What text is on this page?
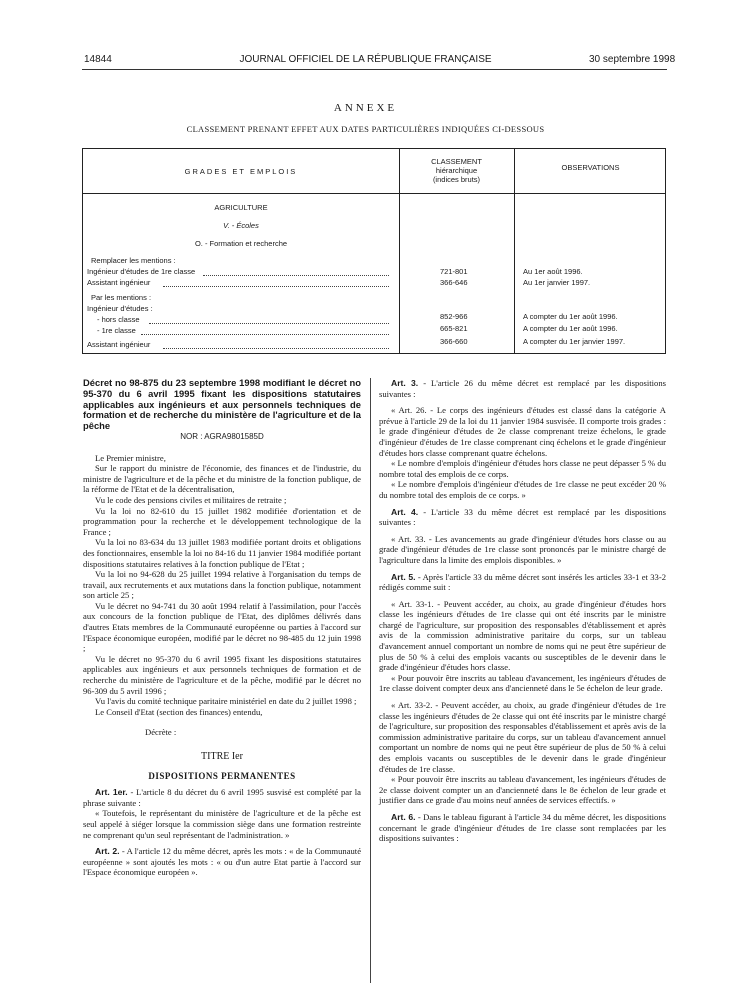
14844	JOURNAL OFFICIEL DE LA RÉPUBLIQUE FRANÇAISE	30 septembre 1998
ANNEXE
CLASSEMENT PRENANT EFFET AUX DATES PARTICULIÈRES INDIQUÉES CI-DESSOUS
GRADES ET EMPLOIS
CLASSEMENT
hiérarchique
(indices bruts)
OBSERVATIONS
AGRICULTURE
V. - Écoles
O. - Formation et recherche
Remplacer les mentions :
Ingénieur d'études de 1re classe	721-801	Au 1er août 1996.
Assistant ingénieur	366-646	Au 1er janvier 1997.
Par les mentions :
Ingénieur d'études :
- hors classe	852-966	A compter du 1er août 1996.
- 1re classe	665-821	A compter du 1er août 1996.
Assistant ingénieur	366-660	A compter du 1er janvier 1997.

Décret no 98-875 du 23 septembre 1998 modifiant le décret no 95-370 du 6 avril 1995 fixant les dispositions statutaires applicables aux ingénieurs et aux personnels techniques de formation et de recherche du ministère de l'agriculture et de la pêche

NOR : AGRA9801585D

Le Premier ministre,

Sur le rapport du ministre de l'économie, des finances et de l'industrie, du ministre de l'agriculture et de la pêche et du ministre de la fonction publique, de la réforme de l'Etat et de la décentralisation,

Vu le code des pensions civiles et militaires de retraite ;

Vu la loi no 82-610 du 15 juillet 1982 modifiée d'orientation et de programmation pour la recherche et le développement technologique de la France ;

Vu la loi no 83-634 du 13 juillet 1983 modifiée portant droits et obligations des fonctionnaires, ensemble la loi no 84-16 du 11 janvier 1984 modifiée portant dispositions statutaires relatives à la fonction publique de l'Etat ;

Vu la loi no 94-628 du 25 juillet 1994 relative à l'organisation du temps de travail, aux recrutements et aux mutations dans la fonction publique, notamment son article 25 ;

Vu le décret no 94-741 du 30 août 1994 relatif à l'assimilation, pour l'accès aux concours de la fonction publique de l'Etat, des diplômes délivrés dans d'autres Etats membres de la Communauté européenne ou parties à l'accord sur l'Espace économique européen, modifié par le décret no 98-485 du 12 juin 1998 ;

Vu le décret no 95-370 du 6 avril 1995 fixant les dispositions statutaires applicables aux ingénieurs et aux personnels techniques de formation et de recherche du ministère de l'agriculture et de la pêche, modifié par le décret no 96-309 du 5 avril 1996 ;

Vu l'avis du comité technique paritaire ministériel en date du 2 juillet 1998 ;

Le Conseil d'Etat (section des finances) entendu,

Décrète :

TITRE Ier

DISPOSITIONS PERMANENTES

Art. 1er. - L'article 8 du décret du 6 avril 1995 susvisé est complété par la phrase suivante :

« Toutefois, le représentant du ministère de l'agriculture et de la pêche est seul appelé à siéger lorsque la commission siège dans une formation restreinte ne comprenant qu'un seul représentant de l'administration. »

Art. 2. - A l'article 12 du même décret, après les mots : « de la Communauté européenne » sont ajoutés les mots : « ou d'un autre Etat partie à l'accord sur l'Espace économique européen ».

Art. 3. - L'article 26 du même décret est remplacé par les dispositions suivantes :

« Art. 26. - Le corps des ingénieurs d'études est classé dans la catégorie A prévue à l'article 29 de la loi du 11 janvier 1984 susvisée. Il comporte trois grades : le grade d'ingénieur d'études de 2e classe comprenant treize échelons, le grade d'ingénieur d'études de 1re classe comprenant cinq échelons et le grade d'ingénieur d'études hors classe comprenant quatre échelons.

« Le nombre d'emplois d'ingénieur d'études hors classe ne peut dépasser 5 % du nombre total des emplois de ce corps.

« Le nombre d'emplois d'ingénieur d'études de 1re classe ne peut excéder 20 % du nombre total des emplois de ce corps. »

Art. 4. - L'article 33 du même décret est remplacé par les dispositions suivantes :

« Art. 33. - Les avancements au grade d'ingénieur d'études hors classe ou au grade d'ingénieur d'études de 1re classe sont prononcés par le ministre chargé de l'agriculture dans la limite des emplois disponibles. »

Art. 5. - Après l'article 33 du même décret sont insérés les articles 33-1 et 33-2 rédigés comme suit :

« Art. 33-1. - Peuvent accéder, au choix, au grade d'ingénieur d'études hors classe les ingénieurs d'études de 1re classe qui ont été inscrits par le ministre chargé de l'agriculture, sur proposition des responsables d'établissement et après avis de la commission administrative paritaire du corps, sur un tableau d'avancement annuel comportant un nombre de noms qui ne peut être supérieur de plus de 50 % à celui des emplois vacants ou susceptibles de le devenir dans le grade d'ingénieur d'études hors classe.

« Pour pouvoir être inscrits au tableau d'avancement, les ingénieurs d'études de 1re classe doivent compter deux ans d'ancienneté dans le 5e échelon de leur grade.

« Art. 33-2. - Peuvent accéder, au choix, au grade d'ingénieur d'études de 1re classe les ingénieurs d'études de 2e classe qui ont été inscrits par le ministre chargé de l'agriculture, sur proposition des responsables d'établissement et après avis de la commission administrative paritaire du corps, sur un tableau d'avancement annuel comportant un nombre de noms qui ne peut être supérieur de plus de 50 % à celui des emplois vacants ou susceptibles de le devenir dans le grade d'ingénieur d'études de 1re classe.

« Pour pouvoir être inscrits au tableau d'avancement, les ingénieurs d'études de 2e classe doivent compter un an d'ancienneté dans le 8e échelon de leur grade et justifier dans ce grade d'au moins neuf années de services effectifs. »

Art. 6. - Dans le tableau figurant à l'article 34 du même décret, les dispositions concernant le grade d'ingénieur d'études de 1re classe sont remplacées par les dispositions suivantes :
